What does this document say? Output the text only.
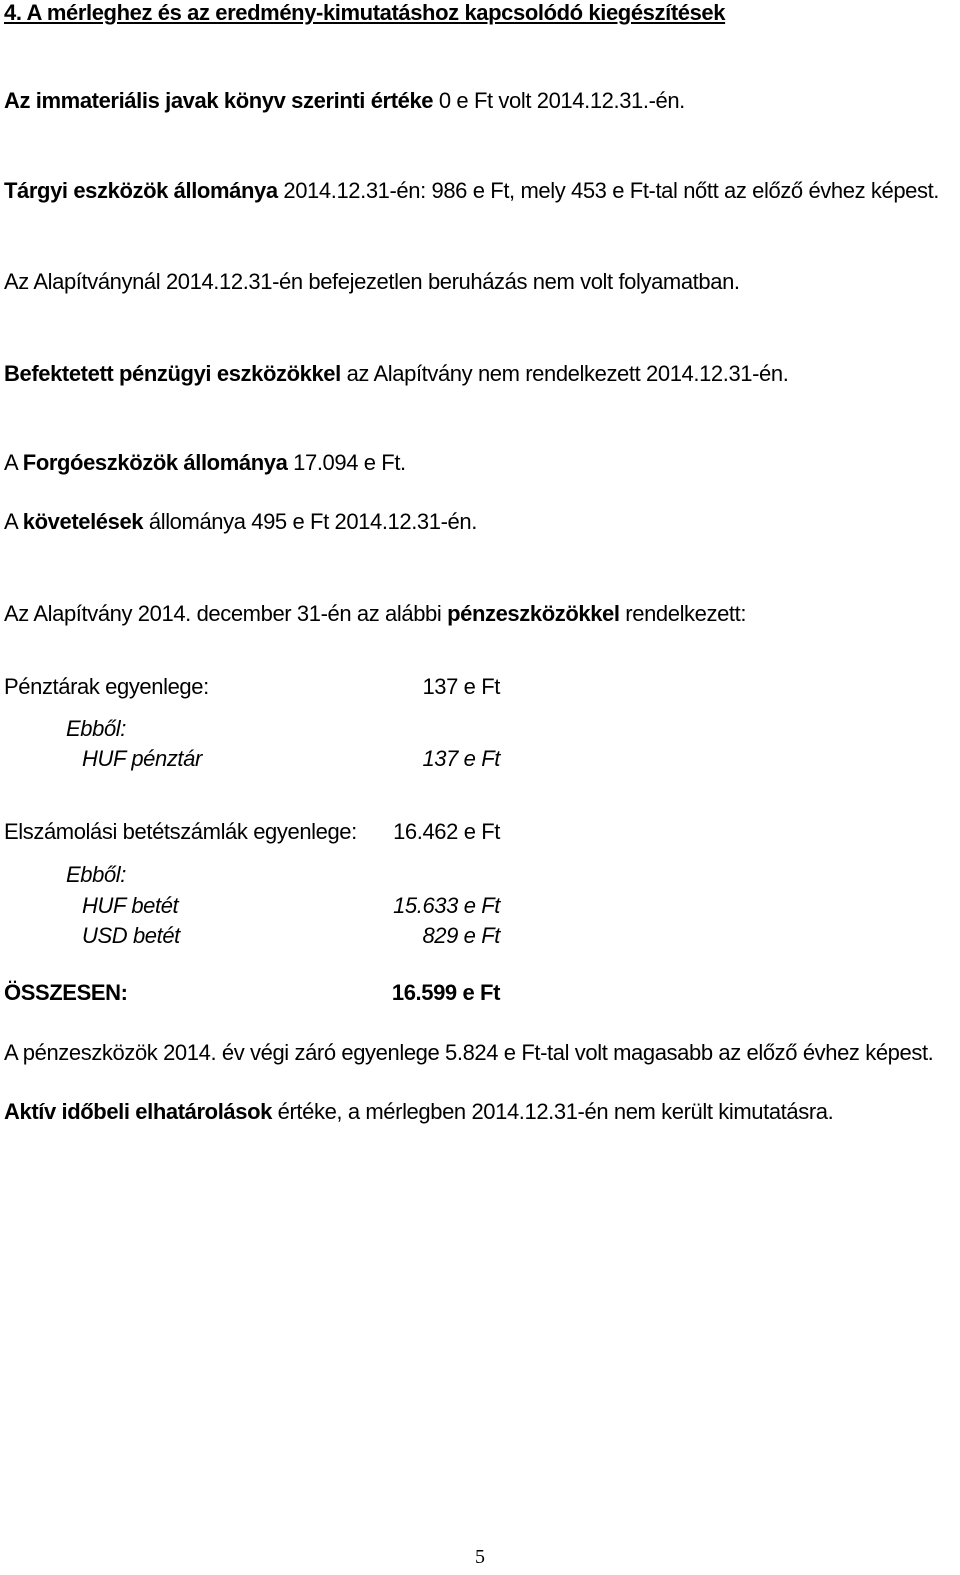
4. A mérleghez és az eredmény-kimutatáshoz kapcsolódó kiegészítések
Az immateriális javak könyv szerinti értéke 0 e Ft volt 2014.12.31.-én.
Tárgyi eszközök állománya 2014.12.31-én: 986 e Ft, mely 453 e Ft-tal nőtt az előző évhez képest.
Az Alapítványnál 2014.12.31-én befejezetlen beruházás nem volt folyamatban.
Befektetett pénzügyi eszközökkel az Alapítvány nem rendelkezett 2014.12.31-én.
A Forgóeszközök állománya 17.094 e Ft.
A követelések állománya 495 e Ft 2014.12.31-én.
Az Alapítvány 2014. december 31-én az alábbi pénzeszközökkel rendelkezett:
Pénztárak egyenlege:	137 e Ft
Ebből:
HUF pénztár	137 e Ft
Elszámolási betétszámlák egyenlege:	16.462 e Ft
Ebből:
HUF betét	15.633 e Ft
USD betét	829 e Ft
ÖSSZESEN:	16.599 e Ft
A pénzeszközök 2014. év végi záró egyenlege 5.824 e Ft-tal volt magasabb az előző évhez képest.
Aktív időbeli elhatárolások értéke, a mérlegben 2014.12.31-én nem került kimutatásra.
5
